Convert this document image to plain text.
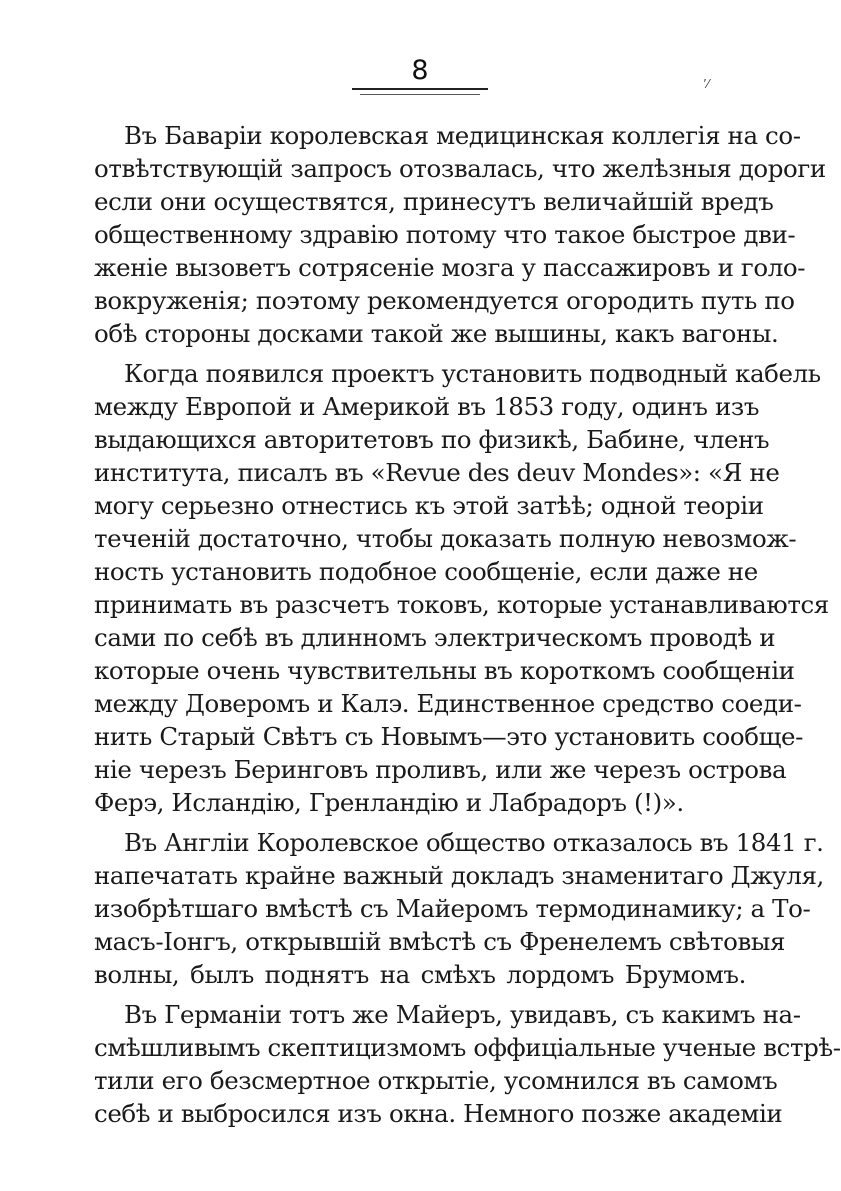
8	’⁄
Въ Баваріи королевская медицинская коллегія на со-
отвѣтствующій запросъ отозвалась, что желѣзныя дороги
если они осуществятся, принесутъ величайшій вредъ
общественному здравію потому что такое быстрое дви-
женіе вызоветъ сотрясеніе мозга у пассажировъ и голо-
вокруженія; поэтому рекомендуется огородить путь по
обѣ стороны досками такой же вышины, какъ вагоны.
Когда появился проектъ установить подводный кабель
между Европой и Америкой въ 1853 году, одинъ изъ
выдающихся авторитетовъ по физикѣ, Бабине, членъ
института, писалъ въ «Revue des deuv Mondes»: «Я не
могу серьезно отнестись къ этой затѣѣ; одной теоріи
теченій достаточно, чтобы доказать полную невозмож-
ность установить подобное сообщеніе, если даже не
принимать въ разсчетъ токовъ, которые устанавливаются
сами по себѣ въ длинномъ электрическомъ проводѣ и
которые очень чувствительны въ короткомъ сообщеніи
между Доверомъ и Калэ. Единственное средство соеди-
нить Старый Свѣтъ съ Новымъ—это установить сообще-
ніе черезъ Беринговъ проливъ, или же черезъ острова
Ферэ, Исландію, Гренландію и Лабрадоръ (!)».
Въ Англіи Королевское общество отказалось въ 1841 г.
напечатать крайне важный докладъ знаменитаго Джуля,
изобрѣтшаго вмѣстѣ съ Майеромъ термодинамику; а То-
масъ-Іонгъ, открывшій вмѣстѣ съ Френелемъ свѣтовыя
волны, былъ поднятъ на смѣхъ лордомъ Брумомъ.
Въ Германіи тотъ же Майеръ, увидавъ, съ какимъ на-
смѣшливымъ скептицизмомъ оффиціальные ученые встрѣ-
тили его безсмертное открытіе, усомнился въ самомъ
себѣ и выбросился изъ окна. Немного позже академіи
